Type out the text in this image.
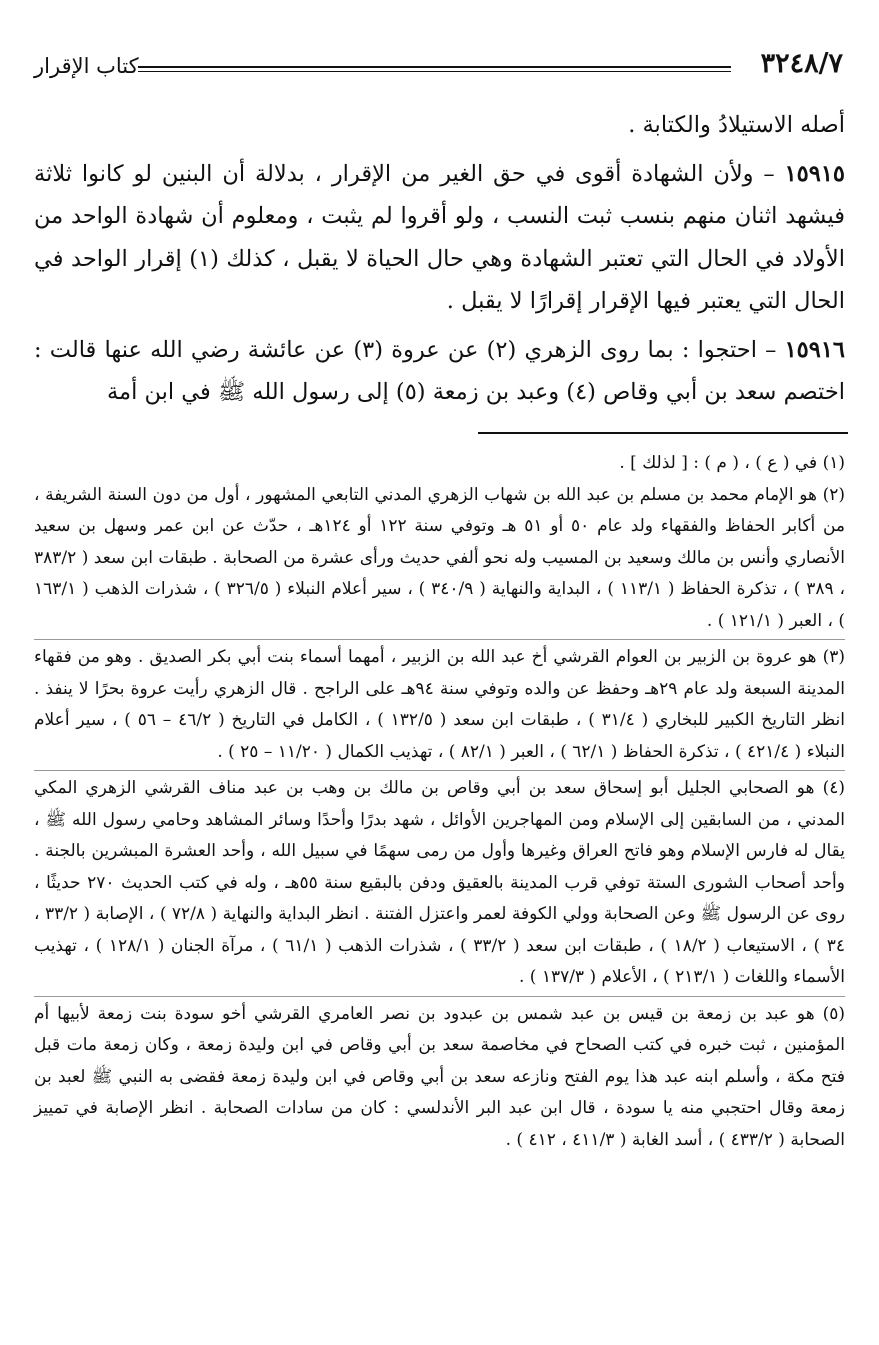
٣٢٤٨/٧
كتاب الإقرار

أصله الاستيلادُ والكتابة .

١٥٩١٥ – ولأن الشهادة أقوى في حق الغير من الإقرار ، بدلالة أن البنين لو كانوا ثلاثة فيشهد اثنان منهم بنسب ثبت النسب ، ولو أقروا لم يثبت ، ومعلوم أن شهادة الواحد من الأولاد في الحال التي تعتبر الشهادة وهي حال الحياة لا يقبل ، كذلك (١) إقرار الواحد في الحال التي يعتبر فيها الإقرار إقرارًا لا يقبل .

١٥٩١٦ – احتجوا : بما روى الزهري (٢) عن عروة (٣) عن عائشة رضي الله عنها قالت : اختصم سعد بن أبي وقاص (٤) وعبد بن زمعة (٥) إلى رسول الله ﷺ في ابن أمة

(١) في ( ع ) ، ( م ) : [ لذلك ] .

(٢) هو الإمام محمد بن مسلم بن عبد الله بن شهاب الزهري المدني التابعي المشهور ، أول من دون السنة الشريفة ، من أكابر الحفاظ والفقهاء ولد عام ٥٠ أو ٥١ هـ وتوفي سنة ١٢٢ أو ١٢٤هـ ، حدّث عن ابن عمر وسهل بن سعيد الأنصاري وأنس بن مالك وسعيد بن المسيب وله نحو ألفي حديث ورأى عشرة من الصحابة . طبقات ابن سعد ( ٣٨٣/٢ ، ٣٨٩ ) ، تذكرة الحفاظ ( ١١٣/١ ) ، البداية والنهاية ( ٣٤٠/٩ ) ، سير أعلام النبلاء ( ٣٢٦/٥ ) ، شذرات الذهب ( ١٦٣/١ ) ، العبر ( ١٢١/١ ) .

(٣) هو عروة بن الزبير بن العوام القرشي أخ عبد الله بن الزبير ، أمهما أسماء بنت أبي بكر الصديق . وهو من فقهاء المدينة السبعة ولد عام ٢٩هـ وحفظ عن والده وتوفي سنة ٩٤هـ على الراجح . قال الزهري رأيت عروة بحرًا لا ينفذ . انظر التاريخ الكبير للبخاري ( ٣١/٤ ) ، طبقات ابن سعد ( ١٣٢/٥ ) ، الكامل في التاريخ ( ٤٦/٢ – ٥٦ ) ، سير أعلام النبلاء ( ٤٢١/٤ ) ، تذكرة الحفاظ ( ٦٢/١ ) ، العبر ( ٨٢/١ ) ، تهذيب الكمال ( ١١/٢٠ – ٢٥ ) .

(٤) هو الصحابي الجليل أبو إسحاق سعد بن أبي وقاص بن مالك بن وهب بن عبد مناف القرشي الزهري المكي المدني ، من السابقين إلى الإسلام ومن المهاجرين الأوائل ، شهد بدرًا وأحدًا وسائر المشاهد وحامي رسول الله ﷺ ، يقال له فارس الإسلام وهو فاتح العراق وغيرها وأول من رمى سهمًا في سبيل الله ، وأحد العشرة المبشرين بالجنة . وأحد أصحاب الشورى الستة توفي قرب المدينة بالعقيق ودفن بالبقيع سنة ٥٥هـ ، وله في كتب الحديث ٢٧٠ حديثًا ، روى عن الرسول ﷺ وعن الصحابة وولي الكوفة لعمر واعتزل الفتنة . انظر البداية والنهاية ( ٧٢/٨ ) ، الإصابة ( ٣٣/٢ ، ٣٤ ) ، الاستيعاب ( ١٨/٢ ) ، طبقات ابن سعد ( ٣٣/٢ ) ، شذرات الذهب ( ٦١/١ ) ، مرآة الجنان ( ١٢٨/١ ) ، تهذيب الأسماء واللغات ( ٢١٣/١ ) ، الأعلام ( ١٣٧/٣ ) .

(٥) هو عبد بن زمعة بن قيس بن عبد شمس بن عبدود بن نصر العامري القرشي أخو سودة بنت زمعة لأبيها أم المؤمنين ، ثبت خبره في كتب الصحاح في مخاصمة سعد بن أبي وقاص في ابن وليدة زمعة ، وكان زمعة مات قبل فتح مكة ، وأسلم ابنه عبد هذا يوم الفتح ونازعه سعد بن أبي وقاص في ابن وليدة زمعة فقضى به النبي ﷺ لعبد بن زمعة وقال احتجبي منه يا سودة ، قال ابن عبد البر الأندلسي : كان من سادات الصحابة . انظر الإصابة في تمييز الصحابة ( ٤٣٣/٢ ) ، أسد الغابة ( ٤١١/٣ ، ٤١٢ ) .
